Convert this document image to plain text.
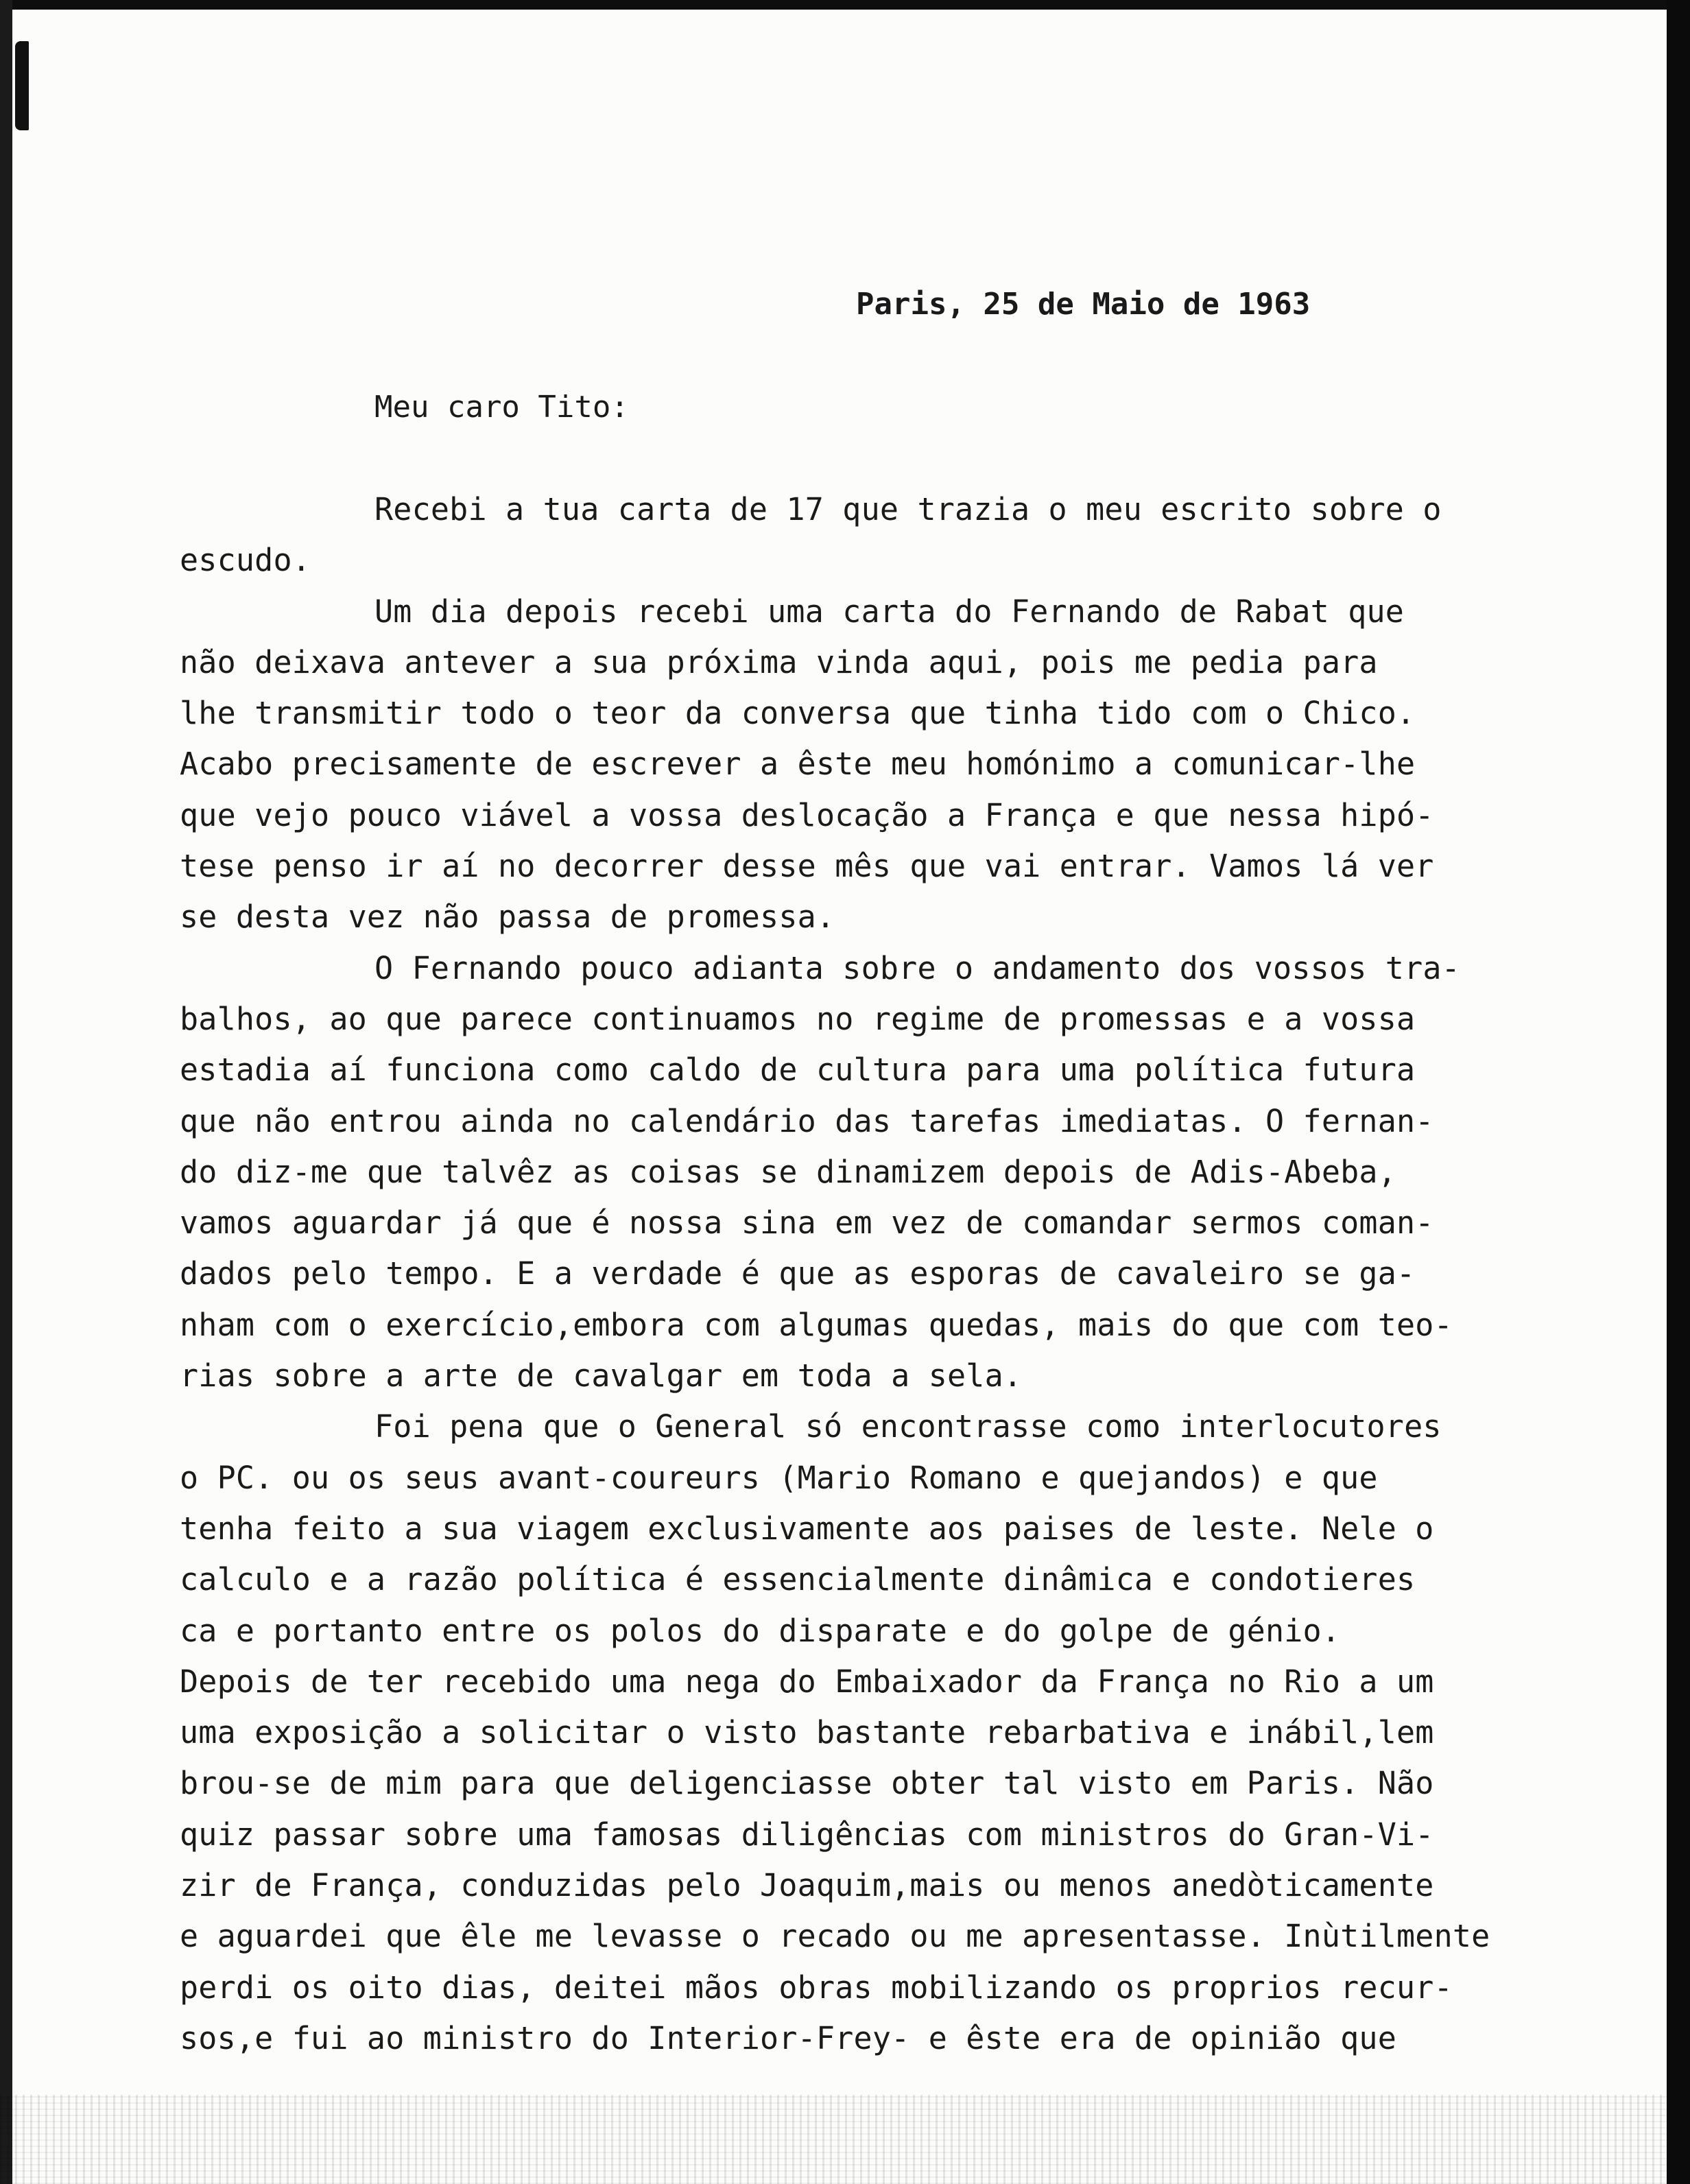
Paris, 25 de Maio de 1963
Meu caro Tito:
Recebi a tua carta de 17 que trazia o meu escrito sobre o
escudo.
Um dia depois recebi uma carta do Fernando de Rabat que
não deixava antever a sua próxima vinda aqui, pois me pedia para
lhe transmitir todo o teor da conversa que tinha tido com o Chico.
Acabo precisamente de escrever a êste meu homónimo a comunicar-lhe
que vejo pouco viável a vossa deslocação a França e que nessa hipó-
tese penso ir aí no decorrer desse mês que vai entrar. Vamos lá ver
se desta vez não passa de promessa.
O Fernando pouco adianta sobre o andamento dos vossos tra-
balhos, ao que parece continuamos no regime de promessas e a vossa
estadia aí funciona como caldo de cultura para uma política futura
que não entrou ainda no calendário das tarefas imediatas. O fernan-
do diz-me que talvêz as coisas se dinamizem depois de Adis-Abeba,
vamos aguardar já que é nossa sina em vez de comandar sermos coman-
dados pelo tempo. E a verdade é que as esporas de cavaleiro se ga-
nham com o exercício,embora com algumas quedas, mais do que com teo-
rias sobre a arte de cavalgar em toda a sela.
Foi pena que o General só encontrasse como interlocutores
o PC. ou os seus avant-coureurs (Mario Romano e quejandos) e que
tenha feito a sua viagem exclusivamente aos paises de leste. Nele o
calculo e a razão política é essencialmente dinâmica e condotieres
ca e portanto entre os polos do disparate e do golpe de génio.
Depois de ter recebido uma nega do Embaixador da França no Rio a um
uma exposição a solicitar o visto bastante rebarbativa e inábil,lem
brou-se de mim para que deligenciasse obter tal visto em Paris. Não
quiz passar sobre uma famosas diligências com ministros do Gran-Vi-
zir de França, conduzidas pelo Joaquim,mais ou menos anedòticamente
e aguardei que êle me levasse o recado ou me apresentasse. Inùtilmente
perdi os oito dias, deitei mãos obras mobilizando os proprios recur-
sos,e fui ao ministro do Interior-Frey- e êste era de opinião que
